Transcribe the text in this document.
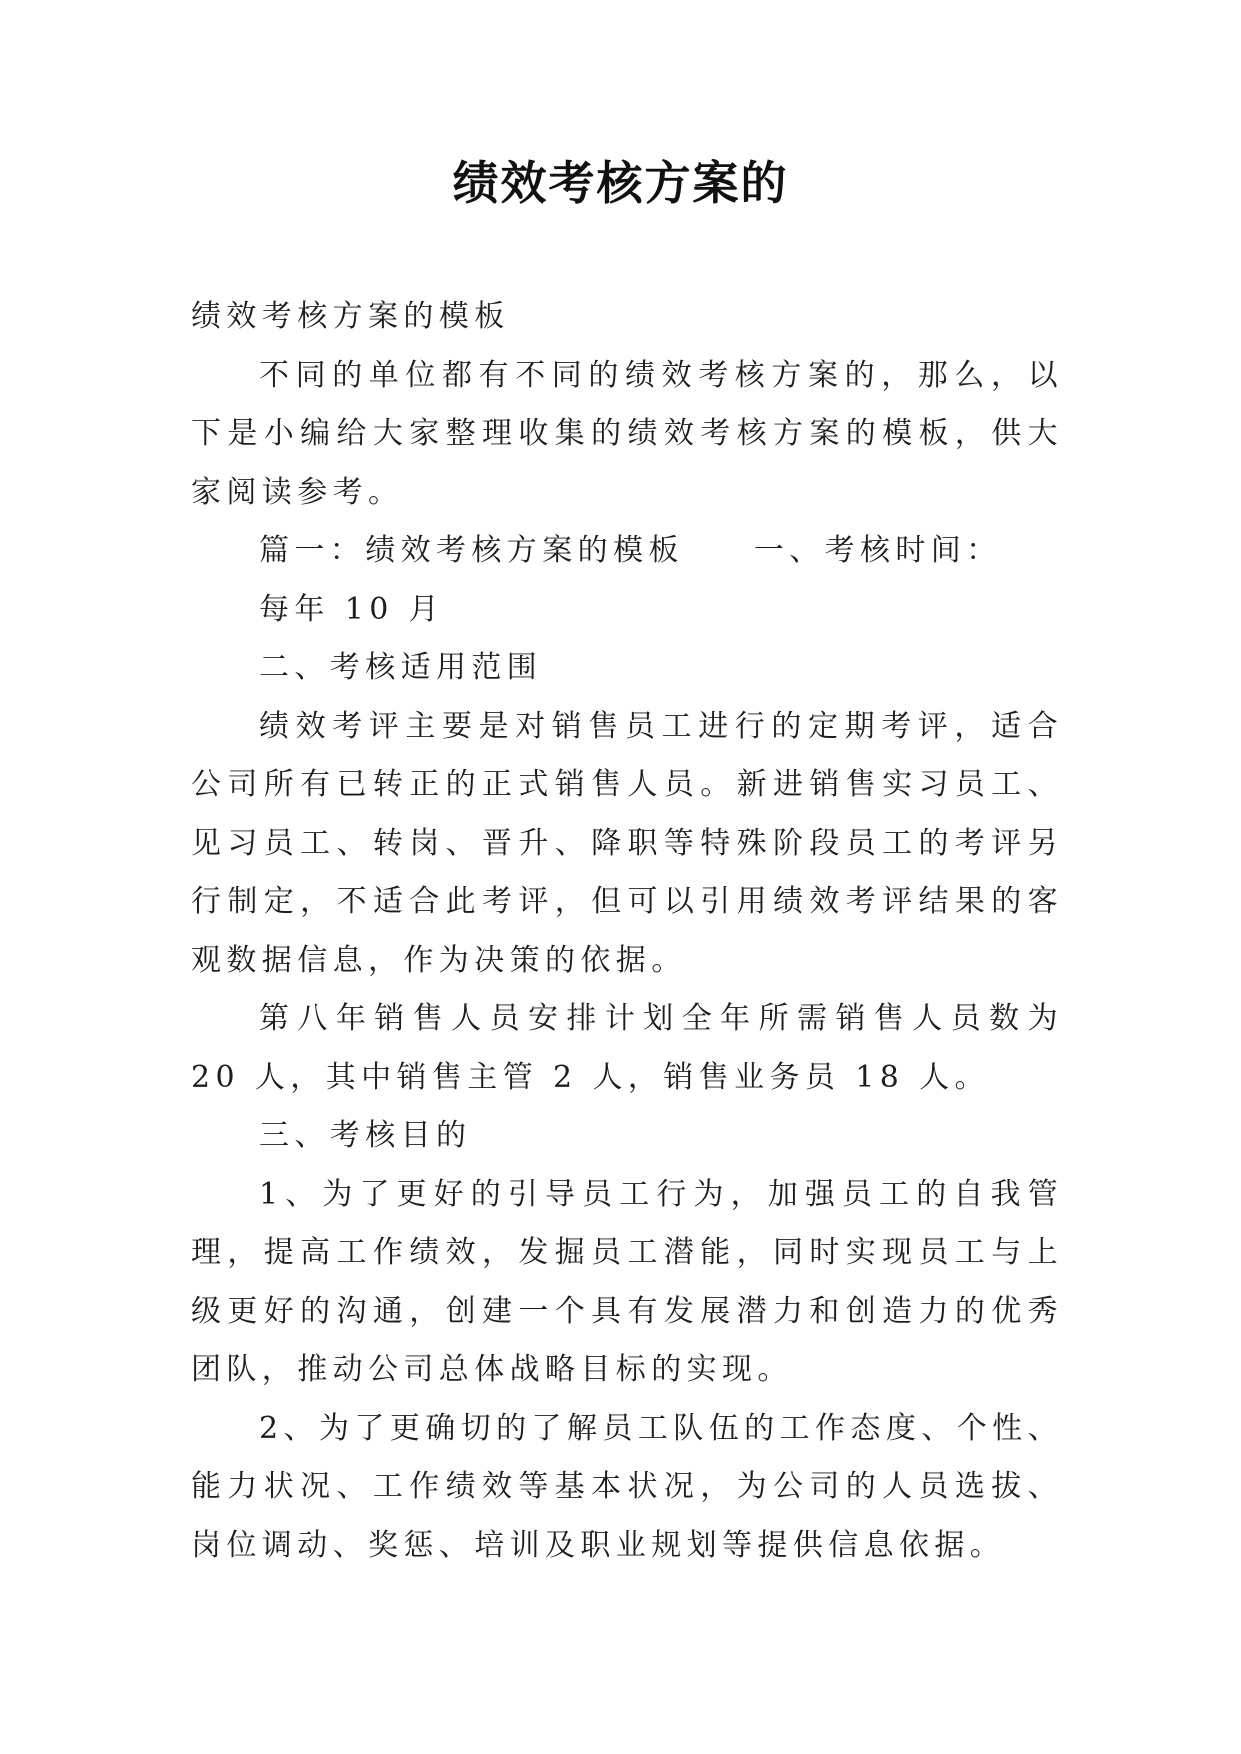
绩效考核方案的

绩效考核方案的模板

不同的单位都有不同的绩效考核方案的，那么，以下是小编给大家整理收集的绩效考核方案的模板，供大家阅读参考。

篇一：绩效考核方案的模板 一、考核时间：

每年 10 月

二、考核适用范围

绩效考评主要是对销售员工进行的定期考评，适合公司所有已转正的正式销售人员。新进销售实习员工、见习员工、转岗、晋升、降职等特殊阶段员工的考评另行制定，不适合此考评，但可以引用绩效考评结果的客观数据信息，作为决策的依据。

第八年销售人员安排计划全年所需销售人员数为 20 人，其中销售主管 2 人，销售业务员 18 人。

三、考核目的

1、为了更好的引导员工行为，加强员工的自我管理，提高工作绩效，发掘员工潜能，同时实现员工与上级更好的沟通，创建一个具有发展潜力和创造力的优秀团队，推动公司总体战略目标的实现。

2、为了更确切的了解员工队伍的工作态度、个性、能力状况、工作绩效等基本状况，为公司的人员选拔、岗位调动、奖惩、培训及职业规划等提供信息依据。
